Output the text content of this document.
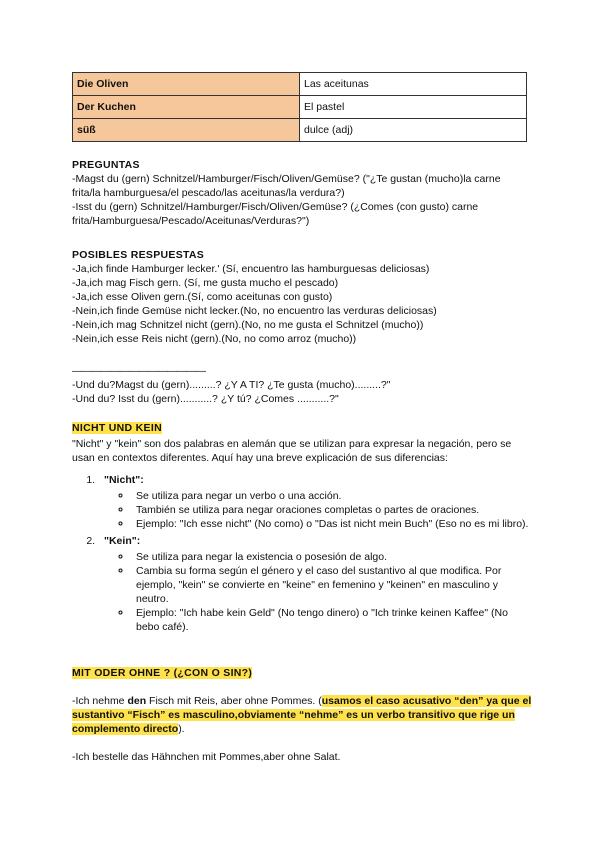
Die Oliven	Las aceitunas
Der Kuchen	El pastel
süß	dulce (adj)
PREGUNTAS
-Magst du (gern) Schnitzel/Hamburger/Fisch/Oliven/Gemüse? ("¿Te gustan (mucho)la carne frita/la hamburguesa/el pescado/las aceitunas/la verdura?)
-Isst du (gern) Schnitzel/Hamburger/Fisch/Oliven/Gemüse? (¿Comes (con gusto) carne frita/Hamburguesa/Pescado/Aceitunas/Verduras?")
POSIBLES RESPUESTAS
-Ja,ich finde Hamburger lecker.' (Sí, encuentro las hamburguesas deliciosas)
-Ja,ich mag Fisch gern. (Sí, me gusta mucho el pescado)
-Ja,ich esse Oliven gern.(Sí, como aceitunas con gusto)
-Nein,ich finde Gemüse nicht lecker.(No, no encuentro las verduras deliciosas)
-Nein,ich mag Schnitzel nicht (gern).(No, no me gusta el Schnitzel (mucho))
-Nein,ich esse Reis nicht (gern).(No, no como arroz (mucho))
——————————————
-Und du?Magst du (gern).........? ¿Y A TI? ¿Te gusta (mucho).........?"
-Und du? Isst du (gern)...........? ¿Y tú? ¿Comes ...........?"
NICHT UND KEIN
"Nicht" y "kein" son dos palabras en alemán que se utilizan para expresar la negación, pero se usan en contextos diferentes. Aquí hay una breve explicación de sus diferencias:
1. "Nicht":
◦ Se utiliza para negar un verbo o una acción.
◦ También se utiliza para negar oraciones completas o partes de oraciones.
◦ Ejemplo: "Ich esse nicht" (No como) o "Das ist nicht mein Buch" (Eso no es mi libro).
2. "Kein":
◦ Se utiliza para negar la existencia o posesión de algo.
◦ Cambia su forma según el género y el caso del sustantivo al que modifica. Por ejemplo, "kein" se convierte en "keine" en femenino y "keinen" en masculino y neutro.
◦ Ejemplo: "Ich habe kein Geld" (No tengo dinero) o "Ich trinke keinen Kaffee" (No bebo café).
MIT ODER OHNE ? (¿CON O SIN?)
-Ich nehme den Fisch mit Reis, aber ohne Pommes. (usamos el caso acusativo “den” ya que el sustantivo “Fisch” es masculino,obviamente “nehme” es un verbo transitivo que rige un complemento directo).
-Ich bestelle das Hähnchen mit Pommes,aber ohne Salat.
